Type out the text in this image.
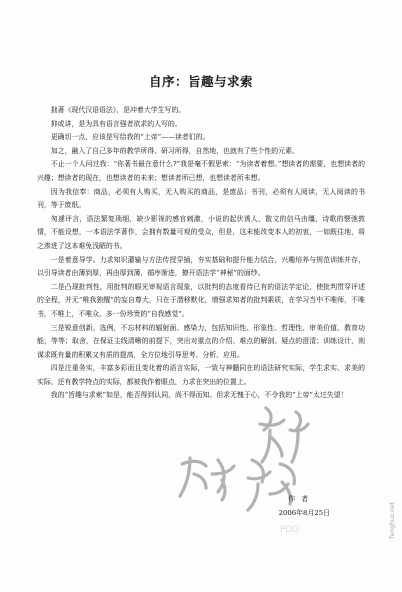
自序：旨趣与求索

拙著《现代汉语语法》，是冲着大学生写的。

抑或讲，是为具有语言强者欲求的人写的。

更确切一点，应该是写给我的“上帝”——读者们的。

加之，融入了自己多年的教学所得、研习所得，自然地，也就有了些个性的元素。

不止一个人问过我：“你著书最在意什么?”我是毫不假思索：“为读者着想。”想读者的需要，也想读者的兴趣；想读者的现在，也想读者的未来；想读者所已想，也想读者所未想。

因为我信奉：商品，必须有人购买，无人购买的商品，是废品；书刊，必须有人阅读，无人阅读的书刊，等于废纸。

匆遽评言，语法繁复琐细，缺少影视的感官刺激，小说的起伏诱人，散文的信马由缰，诗歌的惬弛敦情，不能设想，一本语法学著作，会拥有数量可观的受众，但是，这未能改变本人的初衷，一如既往地，将之渗进了这本难免浅陋的书。

一是着意导学。力求知识灌输与方法传授穿插，夯实基础和提升能力结合，兴趣培养与规范训练并存，以引导读者由薄到厚，再由厚到薄，循序渐进，撩开语法学“神秘”的面纱。

二是凸现批判性，用批判的眼光审视语言现象，以批判的态度看待已有的语法学定论，使批判贯穿评述的全程，并无“唯我独醒”的妄自尊大，只在于潜移默化，增强求知者的批判素质，在学习当中不唯师，不唯书，不唯上，不唯众，多一份珍贵的“自我感觉”。

三是锐意创新，选例，不忘材料的辐射面、感染力，包括知识性、形象性、哲理性、审美价值、教育功能，等等；取舍，在保证主线清晰的前提下，突出对重点的介绍、难点的解剖、疑点的澄清；训练设计，则谋求既有量的积累又有质的提高，全方位地引导思考、分析、应用。

四是注重务实，丰富多彩而且变化着的语言实际，一致与神髓同在的语法研究实际，学生求实、求美的实际，还有教学特点的实际，都被我作着眼点，力求在突出的位置上。

我的“旨趣与求索”如是，能否得到认同，尚不得而知。但求无愧于心，不令我的“上帝”太过失望！

PDG
作者
2006年8月25日	fenghuo.net
